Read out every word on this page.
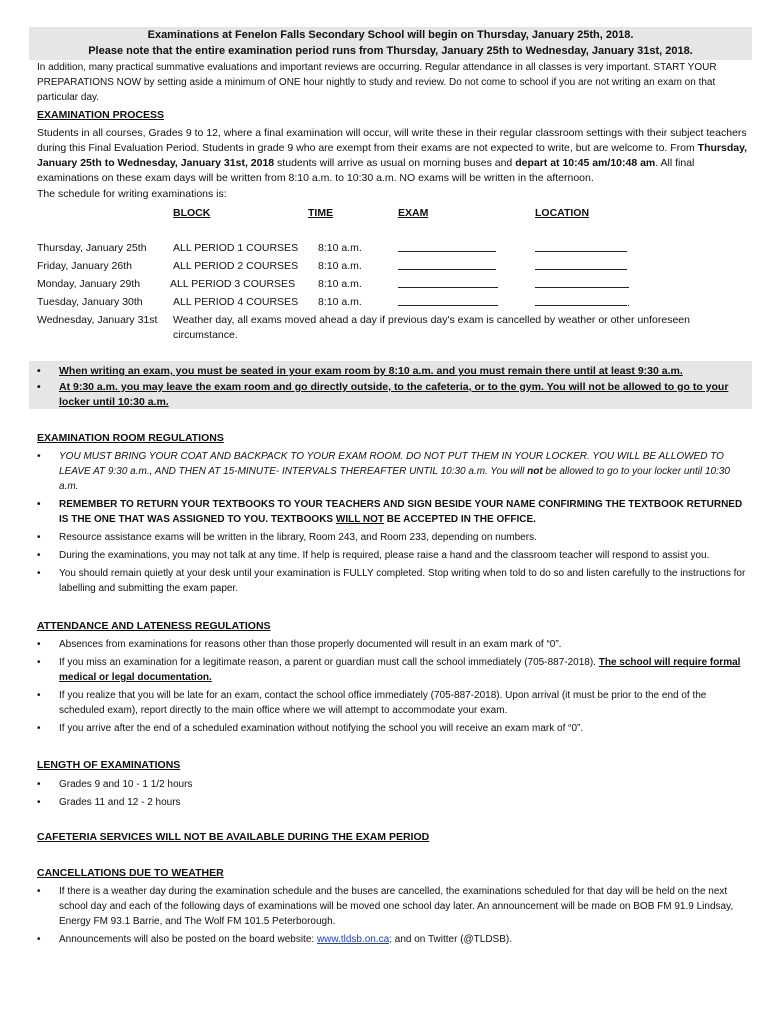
Examinations at Fenelon Falls Secondary School will begin on Thursday, January 25th, 2018.
Please note that the entire examination period runs from Thursday, January 25th to Wednesday, January 31st, 2018.
In addition, many practical summative evaluations and important reviews are occurring. Regular attendance in all classes is very important. START YOUR PREPARATIONS NOW by setting aside a minimum of ONE hour nightly to study and review. Do not come to school if you are not writing an exam on that particular day.
EXAMINATION PROCESS

Students in all courses, Grades 9 to 12, where a final examination will occur, will write these in their regular classroom settings with their subject teachers during this Final Evaluation Period. Students in grade 9 who are exempt from their exams are not expected to write, but are welcome to. From Thursday, January 25th to Wednesday, January 31st, 2018 students will arrive as usual on morning buses and depart at 10:45 am/10:48 am. All final examinations on these exam days will be written from 8:10 a.m. to 10:30 a.m. NO exams will be written in the afternoon.

The schedule for writing examinations is:

BLOCK	TIME	EXAM	LOCATION
Thursday, January 25th	ALL PERIOD 1 COURSES 8:10 a.m.
Friday, January 26th	ALL PERIOD 2 COURSES 8:10 a.m.
Monday, January 29th	ALL PERIOD 3 COURSES 8:10 a.m.
Tuesday, January 30th	ALL PERIOD 4 COURSES 8:10 a.m.	.
Wednesday, January 31st Weather day, all exams moved ahead a day if previous day's exam is cancelled by weather or other unforeseen circumstance.
• When writing an exam, you must be seated in your exam room by 8:10 a.m. and you must remain there until at least 9:30 a.m.
• At 9:30 a.m. you may leave the exam room and go directly outside, to the cafeteria, or to the gym. You will not be allowed to go to your locker until 10:30 a.m.
EXAMINATION ROOM REGULATIONS
• YOU MUST BRING YOUR COAT AND BACKPACK TO YOUR EXAM ROOM. DO NOT PUT THEM IN YOUR LOCKER. YOU WILL BE ALLOWED TO LEAVE AT 9:30 a.m., AND THEN AT 15-MINUTE- INTERVALS THEREAFTER UNTIL 10:30 a.m. You will not be allowed to go to your locker until 10:30 a.m.
• REMEMBER TO RETURN YOUR TEXTBOOKS TO YOUR TEACHERS AND SIGN BESIDE YOUR NAME CONFIRMING THE TEXTBOOK RETURNED IS THE ONE THAT WAS ASSIGNED TO YOU. TEXTBOOKS WILL NOT BE ACCEPTED IN THE OFFICE.
• Resource assistance exams will be written in the library, Room 243, and Room 233, depending on numbers.
• During the examinations, you may not talk at any time. If help is required, please raise a hand and the classroom teacher will respond to assist you.
• You should remain quietly at your desk until your examination is FULLY completed. Stop writing when told to do so and listen carefully to the instructions for labelling and submitting the exam paper.
ATTENDANCE AND LATENESS REGULATIONS
• Absences from examinations for reasons other than those properly documented will result in an exam mark of “0”.
• If you miss an examination for a legitimate reason, a parent or guardian must call the school immediately (705-887-2018). The school will require formal medical or legal documentation.
• If you realize that you will be late for an exam, contact the school office immediately (705-887-2018). Upon arrival (it must be prior to the end of the scheduled exam), report directly to the main office where we will attempt to accommodate your exam.
• If you arrive after the end of a scheduled examination without notifying the school you will receive an exam mark of “0”.
LENGTH OF EXAMINATIONS
• Grades 9 and 10 - 1 1/2 hours
• Grades 11 and 12 - 2 hours
CAFETERIA SERVICES WILL NOT BE AVAILABLE DURING THE EXAM PERIOD
CANCELLATIONS DUE TO WEATHER
• If there is a weather day during the examination schedule and the buses are cancelled, the examinations scheduled for that day will be held on the next school day and each of the following days of examinations will be moved one school day later. An announcement will be made on BOB FM 91.9 Lindsay, Energy FM 93.1 Barrie, and The Wolf FM 101.5 Peterborough.
• Announcements will also be posted on the board website: www.tldsb.on.ca; and on Twitter (@TLDSB).
